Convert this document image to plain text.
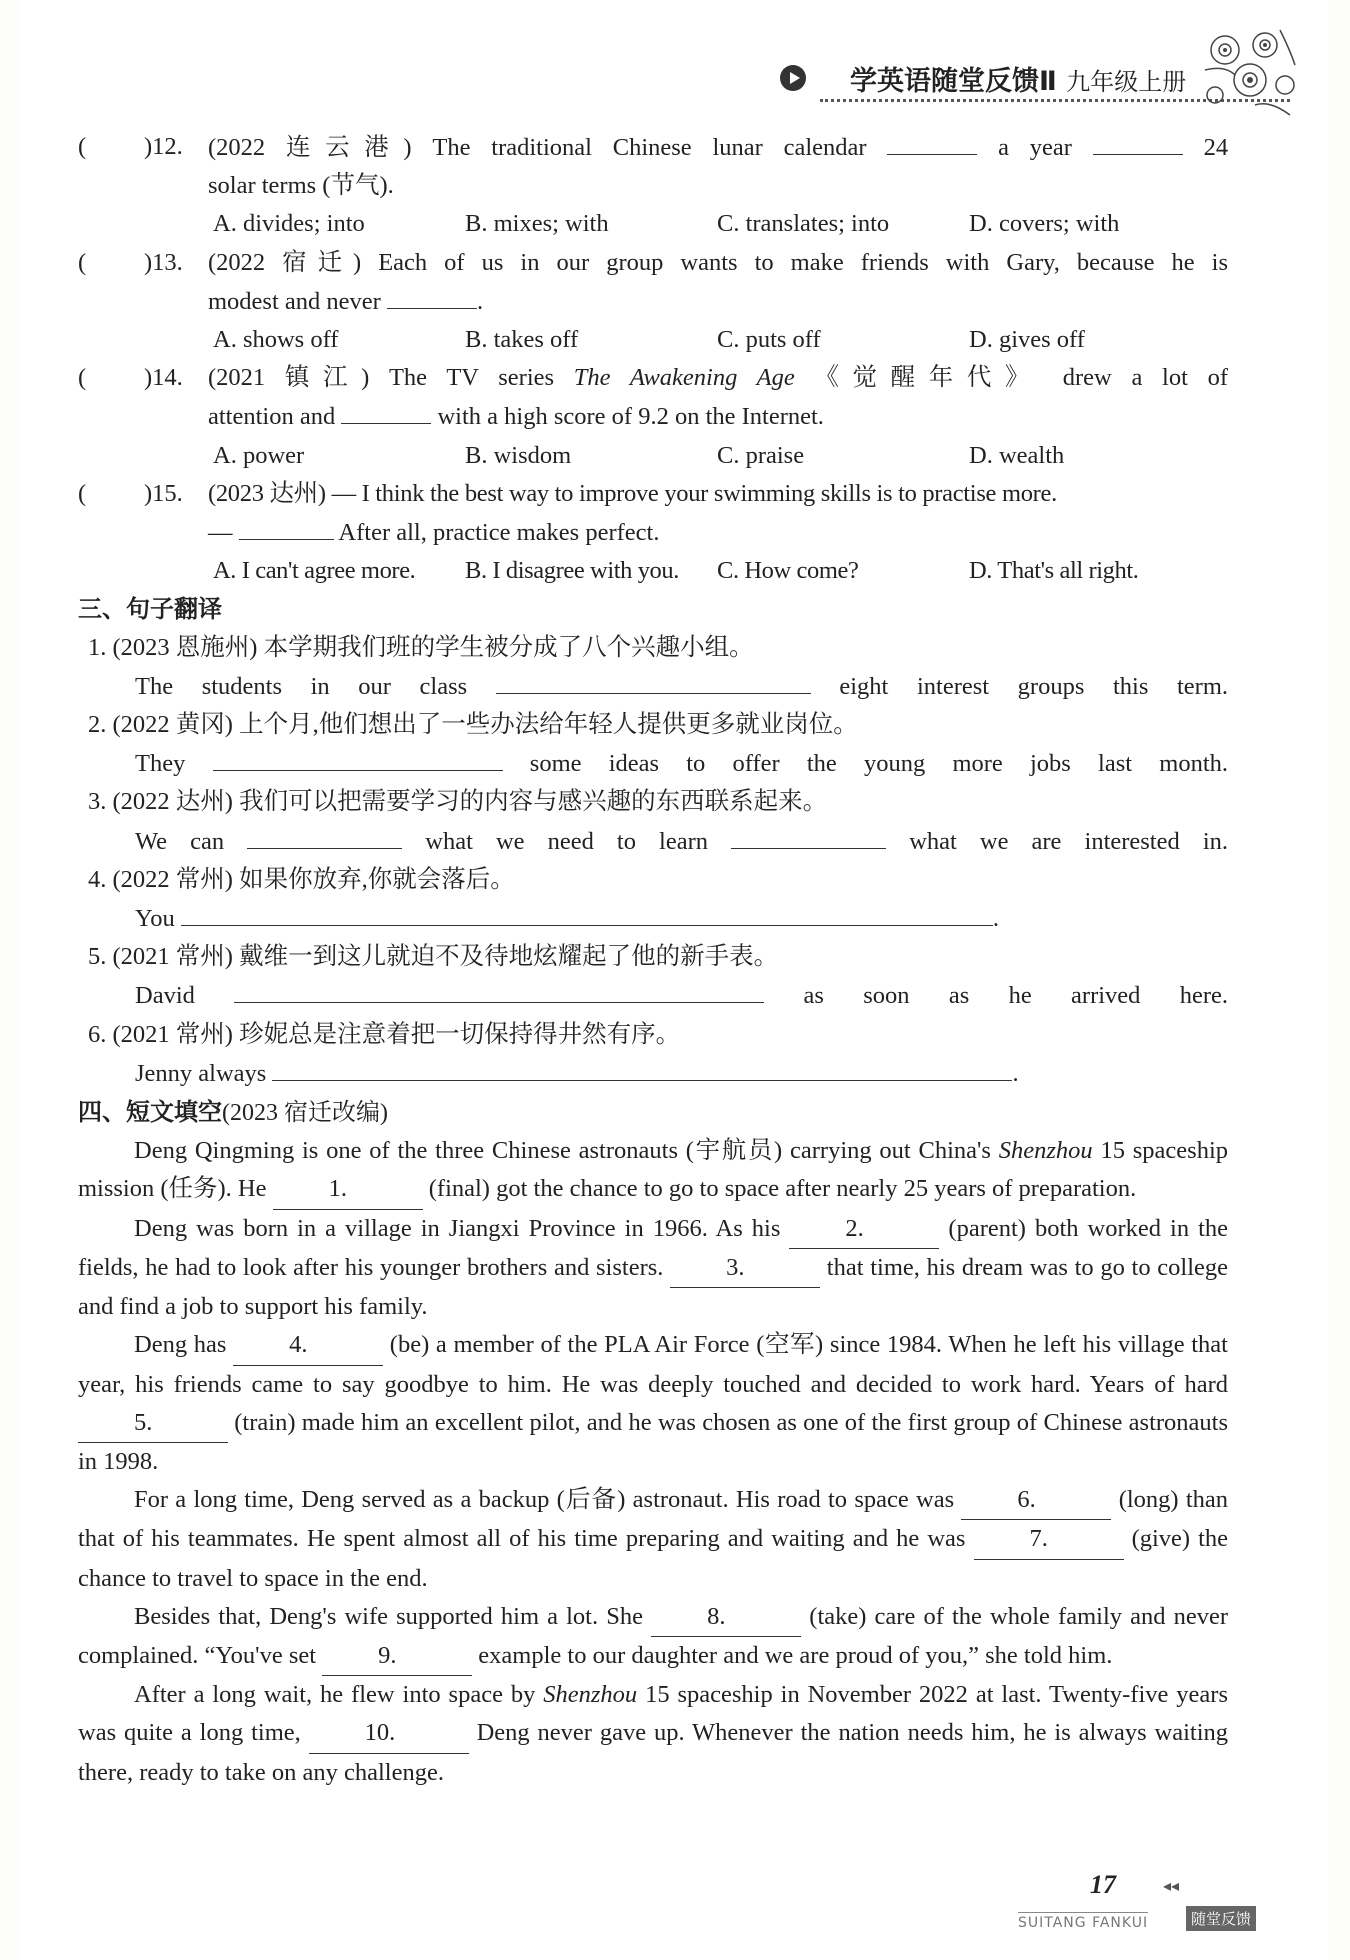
学英语随堂反馈Ⅱ 九年级上册
( )12. (2022 连云港) The traditional Chinese lunar calendar	a year	24
solar terms (节气).
A. divides; into	B. mixes; with	C. translates; into	D. covers; with
( )13. (2022 宿迁) Each of us in our group wants to make friends with Gary, because he is
modest and never	.
A. shows off	B. takes off	C. puts off	D. gives off
( )14. (2021 镇江) The TV series The Awakening Age 《觉醒年代》 drew a lot of
attention and	with a high score of 9.2 on the Internet.
A. power	B. wisdom	C. praise	D. wealth
( )15. (2023 达州) — I think the best way to improve your swimming skills is to practise more.
—	After all, practice makes perfect.
A. I can't agree more.	B. I disagree with you.	C. How come?	D. That's all right.
三、句子翻译
1. (2023 恩施州) 本学期我们班的学生被分成了八个兴趣小组。
The students in our class	eight interest groups this term.
2. (2022 黄冈) 上个月,他们想出了一些办法给年轻人提供更多就业岗位。
They	some ideas to offer the young more jobs last month.
3. (2022 达州) 我们可以把需要学习的内容与感兴趣的东西联系起来。
We can	what we need to learn	what we are interested in.
4. (2022 常州) 如果你放弃,你就会落后。
You	.
5. (2021 常州) 戴维一到这儿就迫不及待地炫耀起了他的新手表。
David	as soon as he arrived here.
6. (2021 常州) 珍妮总是注意着把一切保持得井然有序。
Jenny always	.
四、短文填空(2023 宿迁改编)
Deng Qingming is one of the three Chinese astronauts (宇航员) carrying out China's Shenzhou 15 spaceship mission (任务). He	1.	(final) got the chance to go to space after nearly 25 years of preparation.
Deng was born in a village in Jiangxi Province in 1966. As his	2.	(parent) both worked in the fields, he had to look after his younger brothers and sisters.	3.	that time, his dream was to go to college and find a job to support his family.
Deng has	4.	(be) a member of the PLA Air Force (空军) since 1984. When he left his village that year, his friends came to say goodbye to him. He was deeply touched and decided to work hard. Years of hard 5.	(train) made him an excellent pilot, and he was chosen as one of the first group of Chinese astronauts in 1998.
For a long time, Deng served as a backup (后备) astronaut. His road to space was	6.	(long) than that of his teammates. He spent almost all of his time preparing and waiting and he was	7.	(give) the chance to travel to space in the end.
Besides that, Deng's wife supported him a lot. She	8.	(take) care of the whole family and never complained. “You've set	9.	example to our daughter and we are proud of you,” she told him.
After a long wait, he flew into space by Shenzhou 15 spaceship in November 2022 at last. Twenty-five years was quite a long time,	10.	Deng never gave up. Whenever the nation needs him, he is always waiting there, ready to take on any challenge.
17	◂◂
SUITANG FANKUI	随堂反馈
